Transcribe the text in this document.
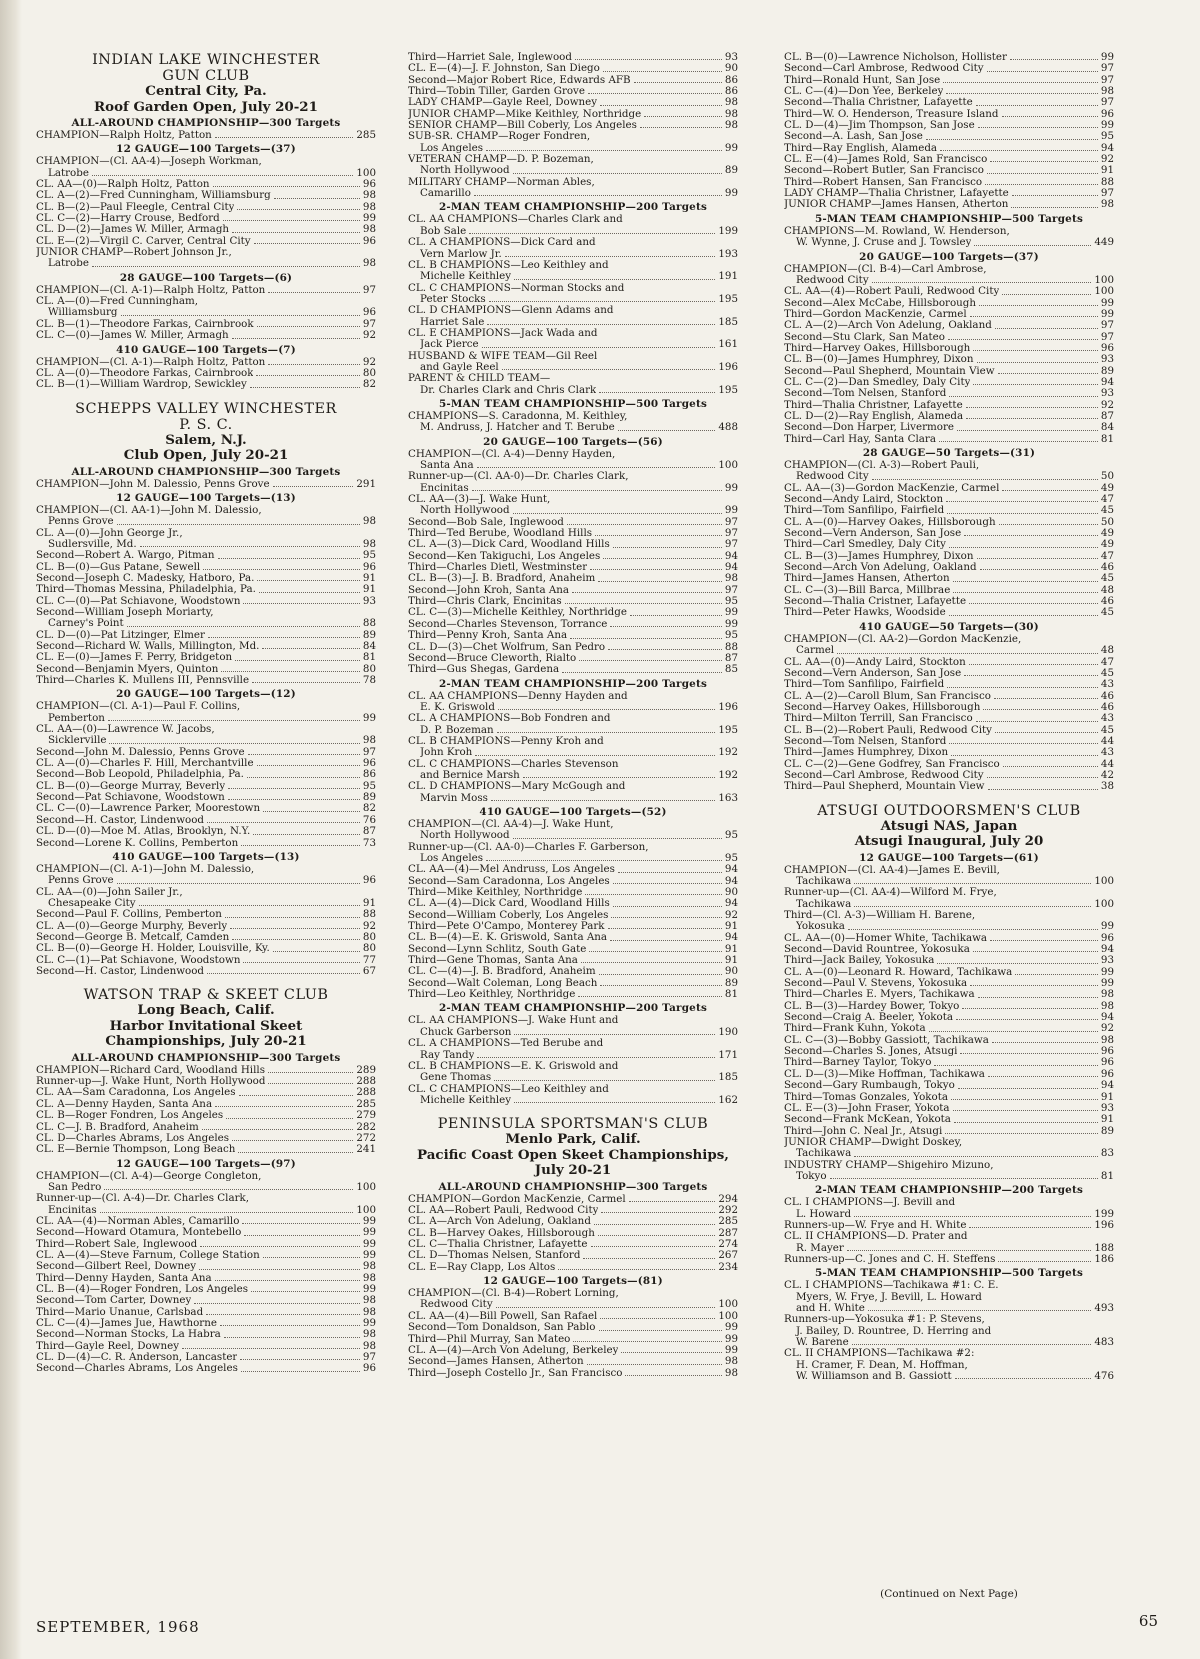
INDIAN LAKE WINCHESTER
GUN CLUB
Central City, Pa.
Roof Garden Open, July 20-21
ALL-AROUND CHAMPIONSHIP—300 Targets
CHAMPION—Ralph Holtz, Patton	285
12 GAUGE—100 Targets—(37)
CHAMPION—(Cl. AA-4)—Joseph Workman,
Latrobe	100
CL. AA—(0)—Ralph Holtz, Patton	96
CL. A—(2)—Fred Cunningham, Williamsburg	98
CL. B—(2)—Paul Fleegle, Central City	98
CL. C—(2)—Harry Crouse, Bedford	99
CL. D—(2)—James W. Miller, Armagh	98
CL. E—(2)—Virgil C. Carver, Central City	96
JUNIOR CHAMP—Robert Johnson Jr.,
Latrobe	98
28 GAUGE—100 Targets—(6)
CHAMPION—(Cl. A-1)—Ralph Holtz, Patton	97
CL. A—(0)—Fred Cunningham,
Williamsburg	96
CL. B—(1)—Theodore Farkas, Cairnbrook	97
CL. C—(0)—James W. Miller, Armagh	92
410 GAUGE—100 Targets—(7)
CHAMPION—(Cl. A-1)—Ralph Holtz, Patton	92
CL. A—(0)—Theodore Farkas, Cairnbrook	80
CL. B—(1)—William Wardrop, Sewickley	82
SCHEPPS VALLEY WINCHESTER
P. S. C.
Salem, N.J.
Club Open, July 20-21
ALL-AROUND CHAMPIONSHIP—300 Targets
CHAMPION—John M. Dalessio, Penns Grove	291
12 GAUGE—100 Targets—(13)
CHAMPION—(Cl. AA-1)—John M. Dalessio,
Penns Grove	98
CL. A—(0)—John George Jr.,
Sudlersville, Md.	98
Second—Robert A. Wargo, Pitman	95
CL. B—(0)—Gus Patane, Sewell	96
Second—Joseph C. Madesky, Hatboro, Pa.	91
Third—Thomas Messina, Philadelphia, Pa.	91
CL. C—(0)—Pat Schiavone, Woodstown	93
Second—William Joseph Moriarty,
Carney's Point	88
CL. D—(0)—Pat Litzinger, Elmer	89
Second—Richard W. Walls, Millington, Md.	84
CL. E—(0)—James F. Perry, Bridgeton	81
Second—Benjamin Myers, Quinton	80
Third—Charles K. Mullens III, Pennsville	78
20 GAUGE—100 Targets—(12)
CHAMPION—(Cl. A-1)—Paul F. Collins,
Pemberton	99
CL. AA—(0)—Lawrence W. Jacobs,
Sicklerville	98
Second—John M. Dalessio, Penns Grove	97
CL. A—(0)—Charles F. Hill, Merchantville	96
Second—Bob Leopold, Philadelphia, Pa.	86
CL. B—(0)—George Murray, Beverly	95
Second—Pat Schiavone, Woodstown	89
CL. C—(0)—Lawrence Parker, Moorestown	82
Second—H. Castor, Lindenwood	76
CL. D—(0)—Moe M. Atlas, Brooklyn, N.Y.	87
Second—Lorene K. Collins, Pemberton	73
410 GAUGE—100 Targets—(13)
CHAMPION—(Cl. A-1)—John M. Dalessio,
Penns Grove	96
CL. AA—(0)—John Sailer Jr.,
Chesapeake City	91
Second—Paul F. Collins, Pemberton	88
CL. A—(0)—George Murphy, Beverly	92
Second—George B. Metcalf, Camden	80
CL. B—(0)—George H. Holder, Louisville, Ky.	80
CL. C—(1)—Pat Schiavone, Woodstown	77
Second—H. Castor, Lindenwood	67
WATSON TRAP & SKEET CLUB
Long Beach, Calif.
Harbor Invitational Skeet
Championships, July 20-21
ALL-AROUND CHAMPIONSHIP—300 Targets
CHAMPION—Richard Card, Woodland Hills	289
Runner-up—J. Wake Hunt, North Hollywood	288
CL. AA—Sam Caradonna, Los Angeles	288
CL. A—Denny Hayden, Santa Ana	285
CL. B—Roger Fondren, Los Angeles	279
CL. C—J. B. Bradford, Anaheim	282
CL. D—Charles Abrams, Los Angeles	272
CL. E—Bernie Thompson, Long Beach	241
12 GAUGE—100 Targets—(97)
CHAMPION—(Cl. A-4)—George Congleton,
San Pedro	100
Runner-up—(Cl. A-4)—Dr. Charles Clark,
Encinitas	100
CL. AA—(4)—Norman Ables, Camarillo	99
Second—Howard Otamura, Montebello	99
Third—Robert Sale, Inglewood	99
CL. A—(4)—Steve Farnum, College Station	99
Second—Gilbert Reel, Downey	98
Third—Denny Hayden, Santa Ana	98
CL. B—(4)—Roger Fondren, Los Angeles	99
Second—Tom Carter, Downey	98
Third—Mario Unanue, Carlsbad	98
CL. C—(4)—James Jue, Hawthorne	99
Second—Norman Stocks, La Habra	98
Third—Gayle Reel, Downey	98
CL. D—(4)—C. R. Anderson, Lancaster	97
Second—Charles Abrams, Los Angeles	96
Third—Harriet Sale, Inglewood	93
CL. E—(4)—J. F. Johnston, San Diego	90
Second—Major Robert Rice, Edwards AFB	86
Third—Tobin Tiller, Garden Grove	86
LADY CHAMP—Gayle Reel, Downey	98
JUNIOR CHAMP—Mike Keithley, Northridge	98
SENIOR CHAMP—Bill Coberly, Los Angeles	98
SUB-SR. CHAMP—Roger Fondren,
Los Angeles	99
VETERAN CHAMP—D. P. Bozeman,
North Hollywood	89
MILITARY CHAMP—Norman Ables,
Camarillo	99
2-MAN TEAM CHAMPIONSHIP—200 Targets
CL. AA CHAMPIONS—Charles Clark and
Bob Sale	199
CL. A CHAMPIONS—Dick Card and
Vern Marlow Jr.	193
CL. B CHAMPIONS—Leo Keithley and
Michelle Keithley	191
CL. C CHAMPIONS—Norman Stocks and
Peter Stocks	195
CL. D CHAMPIONS—Glenn Adams and
Harriet Sale	185
CL. E CHAMPIONS—Jack Wada and
Jack Pierce	161
HUSBAND & WIFE TEAM—Gil Reel
and Gayle Reel	196
PARENT & CHILD TEAM—
Dr. Charles Clark and Chris Clark	195
5-MAN TEAM CHAMPIONSHIP—500 Targets
CHAMPIONS—S. Caradonna, M. Keithley,
M. Andruss, J. Hatcher and T. Berube	488
20 GAUGE—100 Targets—(56)
CHAMPION—(Cl. A-4)—Denny Hayden,
Santa Ana	100
Runner-up—(Cl. AA-0)—Dr. Charles Clark,
Encinitas	99
CL. AA—(3)—J. Wake Hunt,
North Hollywood	99
Second—Bob Sale, Inglewood	97
Third—Ted Berube, Woodland Hills	97
CL. A—(3)—Dick Card, Woodland Hills	97
Second—Ken Takiguchi, Los Angeles	94
Third—Charles Dietl, Westminster	94
CL. B—(3)—J. B. Bradford, Anaheim	98
Second—John Kroh, Santa Ana	97
Third—Chris Clark, Encinitas	95
CL. C—(3)—Michelle Keithley, Northridge	99
Second—Charles Stevenson, Torrance	99
Third—Penny Kroh, Santa Ana	95
CL. D—(3)—Chet Wolfrum, San Pedro	88
Second—Bruce Cleworth, Rialto	87
Third—Gus Shegas, Gardena	85
2-MAN TEAM CHAMPIONSHIP—200 Targets
CL. AA CHAMPIONS—Denny Hayden and
E. K. Griswold	196
CL. A CHAMPIONS—Bob Fondren and
D. P. Bozeman	195
CL. B CHAMPIONS—Penny Kroh and
John Kroh	192
CL. C CHAMPIONS—Charles Stevenson
and Bernice Marsh	192
CL. D CHAMPIONS—Mary McGough and
Marvin Moss	163
410 GAUGE—100 Targets—(52)
CHAMPION—(Cl. AA-4)—J. Wake Hunt,
North Hollywood	95
Runner-up—(Cl. AA-0)—Charles F. Garberson,
Los Angeles	95
CL. AA—(4)—Mel Andruss, Los Angeles	94
Second—Sam Caradonna, Los Angeles	94
Third—Mike Keithley, Northridge	90
CL. A—(4)—Dick Card, Woodland Hills	94
Second—William Coberly, Los Angeles	92
Third—Pete O'Campo, Monterey Park	91
CL. B—(4)—E. K. Griswold, Santa Ana	94
Second—Lynn Schlitz, South Gate	91
Third—Gene Thomas, Santa Ana	91
CL. C—(4)—J. B. Bradford, Anaheim	90
Second—Walt Coleman, Long Beach	89
Third—Leo Keithley, Northridge	81
2-MAN TEAM CHAMPIONSHIP—200 Targets
CL. AA CHAMPIONS—J. Wake Hunt and
Chuck Garberson	190
CL. A CHAMPIONS—Ted Berube and
Ray Tandy	171
CL. B CHAMPIONS—E. K. Griswold and
Gene Thomas	185
CL. C CHAMPIONS—Leo Keithley and
Michelle Keithley	162
PENINSULA SPORTSMAN'S CLUB
Menlo Park, Calif.
Pacific Coast Open Skeet Championships,
July 20-21
ALL-AROUND CHAMPIONSHIP—300 Targets
CHAMPION—Gordon MacKenzie, Carmel	294
CL. AA—Robert Pauli, Redwood City	292
CL. A—Arch Von Adelung, Oakland	285
CL. B—Harvey Oakes, Hillsborough	287
CL. C—Thalia Christner, Lafayette	274
CL. D—Thomas Nelsen, Stanford	267
CL. E—Ray Clapp, Los Altos	234
12 GAUGE—100 Targets—(81)
CHAMPION—(Cl. B-4)—Robert Lorning,
Redwood City	100
CL. AA—(4)—Bill Powell, San Rafael	100
Second—Tom Donaldson, San Pablo	99
Third—Phil Murray, San Mateo	99
CL. A—(4)—Arch Von Adelung, Berkeley	99
Second—James Hansen, Atherton	98
Third—Joseph Costello Jr., San Francisco	98
CL. B—(0)—Lawrence Nicholson, Hollister	99
Second—Carl Ambrose, Redwood City	97
Third—Ronald Hunt, San Jose	97
CL. C—(4)—Don Yee, Berkeley	98
Second—Thalia Christner, Lafayette	97
Third—W. O. Henderson, Treasure Island	96
CL. D—(4)—Jim Thompson, San Jose	99
Second—A. Lash, San Jose	95
Third—Ray English, Alameda	94
CL. E—(4)—James Rold, San Francisco	92
Second—Robert Butler, San Francisco	91
Third—Robert Hansen, San Francisco	88
LADY CHAMP—Thalia Christner, Lafayette	97
JUNIOR CHAMP—James Hansen, Atherton	98
5-MAN TEAM CHAMPIONSHIP—500 Targets
CHAMPIONS—M. Rowland, W. Henderson,
W. Wynne, J. Cruse and J. Towsley	449
20 GAUGE—100 Targets—(37)
CHAMPION—(Cl. B-4)—Carl Ambrose,
Redwood City	100
CL. AA—(4)—Robert Pauli, Redwood City	100
Second—Alex McCabe, Hillsborough	99
Third—Gordon MacKenzie, Carmel	99
CL. A—(2)—Arch Von Adelung, Oakland	97
Second—Stu Clark, San Mateo	97
Third—Harvey Oakes, Hillsborough	96
CL. B—(0)—James Humphrey, Dixon	93
Second—Paul Shepherd, Mountain View	89
CL. C—(2)—Dan Smedley, Daly City	94
Second—Tom Nelsen, Stanford	93
Third—Thalia Christner, Lafayette	92
CL. D—(2)—Ray English, Alameda	87
Second—Don Harper, Livermore	84
Third—Carl Hay, Santa Clara	81
28 GAUGE—50 Targets—(31)
CHAMPION—(Cl. A-3)—Robert Pauli,
Redwood City	50
CL. AA—(3)—Gordon MacKenzie, Carmel	49
Second—Andy Laird, Stockton	47
Third—Tom Sanfilipo, Fairfield	45
CL. A—(0)—Harvey Oakes, Hillsborough	50
Second—Vern Anderson, San Jose	49
Third—Carl Smedley, Daly City	49
CL. B—(3)—James Humphrey, Dixon	47
Second—Arch Von Adelung, Oakland	46
Third—James Hansen, Atherton	45
CL. C—(3)—Bill Barca, Millbrae	48
Second—Thalia Cristner, Lafayette	46
Third—Peter Hawks, Woodside	45
410 GAUGE—50 Targets—(30)
CHAMPION—(Cl. AA-2)—Gordon MacKenzie,
Carmel	48
CL. AA—(0)—Andy Laird, Stockton	47
Second—Vern Anderson, San Jose	45
Third—Tom Sanfilipo, Fairfield	43
CL. A—(2)—Caroll Blum, San Francisco	46
Second—Harvey Oakes, Hillsborough	46
Third—Milton Terrill, San Francisco	43
CL. B—(2)—Robert Pauli, Redwood City	45
Second—Tom Nelsen, Stanford	44
Third—James Humphrey, Dixon	43
CL. C—(2)—Gene Godfrey, San Francisco	44
Second—Carl Ambrose, Redwood City	42
Third—Paul Shepherd, Mountain View	38
ATSUGI OUTDOORSMEN'S CLUB
Atsugi NAS, Japan
Atsugi Inaugural, July 20
12 GAUGE—100 Targets—(61)
CHAMPION—(Cl. AA-4)—James E. Bevill,
Tachikawa	100
Runner-up—(Cl. AA-4)—Wilford M. Frye,
Tachikawa	100
Third—(Cl. A-3)—William H. Barene,
Yokosuka	99
CL. AA—(0)—Homer White, Tachikawa	96
Second—David Rountree, Yokosuka	94
Third—Jack Bailey, Yokosuka	93
CL. A—(0)—Leonard R. Howard, Tachikawa	99
Second—Paul V. Stevens, Yokosuka	99
Third—Charles E. Myers, Tachikawa	98
CL. B—(3)—Hardey Bower, Tokyo	98
Second—Craig A. Beeler, Yokota	94
Third—Frank Kuhn, Yokota	92
CL. C—(3)—Bobby Gassiott, Tachikawa	98
Second—Charles S. Jones, Atsugi	96
Third—Barney Taylor, Tokyo	96
CL. D—(3)—Mike Hoffman, Tachikawa	96
Second—Gary Rumbaugh, Tokyo	94
Third—Tomas Gonzales, Yokota	91
CL. E—(3)—John Fraser, Yokota	93
Second—Frank McKean, Yokota	91
Third—John C. Neal Jr., Atsugi	89
JUNIOR CHAMP—Dwight Doskey,
Tachikawa	83
INDUSTRY CHAMP—Shigehiro Mizuno,
Tokyo	81
2-MAN TEAM CHAMPIONSHIP—200 Targets
CL. I CHAMPIONS—J. Bevill and
L. Howard	199
Runners-up—W. Frye and H. White	196
CL. II CHAMPIONS—D. Prater and
R. Mayer	188
Runners-up—C. Jones and C. H. Steffens	186
5-MAN TEAM CHAMPIONSHIP—500 Targets
CL. I CHAMPIONS—Tachikawa #1: C. E.
Myers, W. Frye, J. Bevill, L. Howard
and H. White	493
Runners-up—Yokosuka #1: P. Stevens,
J. Bailey, D. Rountree, D. Herring and
W. Barene	483
CL. II CHAMPIONS—Tachikawa #2:
H. Cramer, F. Dean, M. Hoffman,
W. Williamson and B. Gassiott	476
(Continued on Next Page)
SEPTEMBER, 1968	65
